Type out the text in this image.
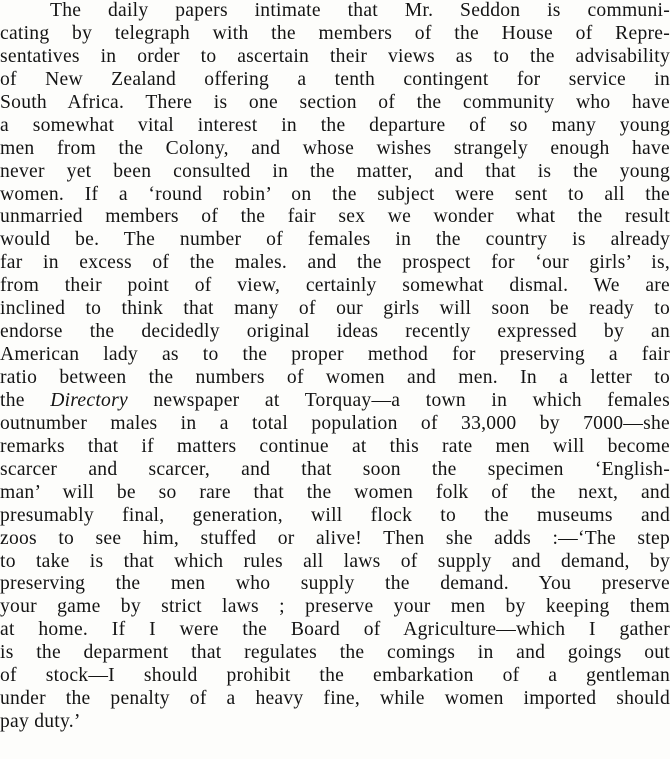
The daily papers intimate that Mr. Seddon is communi-
cating by telegraph with the members of the House of Repre-
sentatives in order to ascertain their views as to the advisability
of New Zealand offering a tenth contingent for service in
South Africa. There is one section of the community who have
a somewhat vital interest in the departure of so many young
men from the Colony, and whose wishes strangely enough have
never yet been consulted in the matter, and that is the young
women. If a ‘round robin’ on the subject were sent to all the
unmarried members of the fair sex we wonder what the result
would be. The number of females in the country is already
far in excess of the males. and the prospect for ‘our girls’ is,
from their point of view, certainly somewhat dismal. We are
inclined to think that many of our girls will soon be ready to
endorse the decidedly original ideas recently expressed by an
American lady as to the proper method for preserving a fair
ratio between the numbers of women and men. In a letter to
the Directory newspaper at Torquay—a town in which females
outnumber males in a total population of 33,000 by 7000—she
remarks that if matters continue at this rate men will become
scarcer and scarcer, and that soon the specimen ‘English-
man’ will be so rare that the women folk of the next, and
presumably final, generation, will flock to the museums and
zoos to see him, stuffed or alive! Then she adds :—‘The step
to take is that which rules all laws of supply and demand, by
preserving the men who supply the demand. You preserve
your game by strict laws ; preserve your men by keeping them
at home. If I were the Board of Agriculture—which I gather
is the deparment that regulates the comings in and goings out
of stock—I should prohibit the embarkation of a gentleman
under the penalty of a heavy fine, while women imported should
pay duty.’
